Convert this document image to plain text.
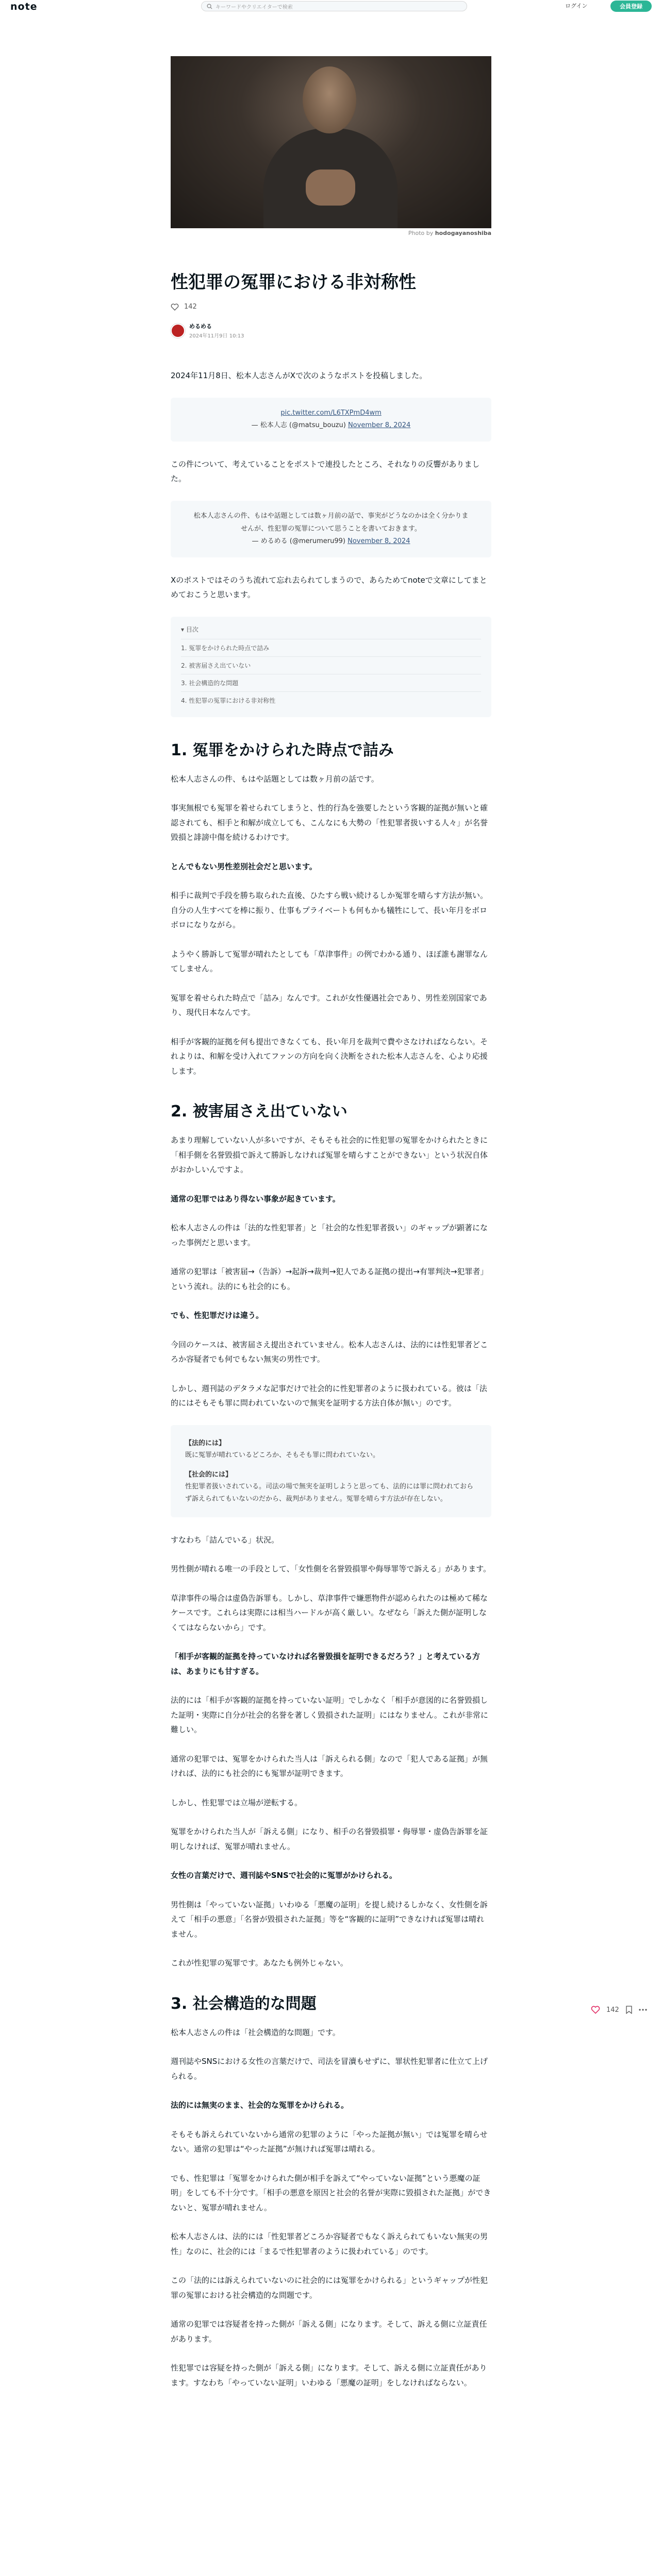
note	キーワードやクリエイターで検索	ログイン	会員登録
Photo by hodogayanoshiba
性犯罪の冤罪における非対称性
142
めるめる
2024年11月9日 10:13

2024年11月8日、松本人志さんがXで次のようなポストを投稿しました。

pic.twitter.com/L6TXPmD4wm
— 松本人志 (@matsu_bouzu) November 8, 2024

この件について、考えていることをポストで連投したところ、それなりの反響がありました。

松本人志さんの件、もはや話題としては数ヶ月前の話で、事実がどうなのかは全く分かりませんが、性犯罪の冤罪について思うことを書いておきます。
— めるめる (@merumeru99) November 8, 2024

Xのポストではそのうち流れて忘れ去られてしまうので、あらためてnoteで文章にしてまとめておこうと思います。

▾ 目次
1. 冤罪をかけられた時点で詰み
2. 被害届さえ出ていない
3. 社会構造的な問題
4. 性犯罪の冤罪における非対称性
1. 冤罪をかけられた時点で詰み

松本人志さんの件、もはや話題としては数ヶ月前の話です。

事実無根でも冤罪を着せられてしまうと、性的行為を強要したという客観的証拠が無いと確認されても、相手と和解が成立しても、こんなにも大勢の「性犯罪者扱いする人々」が名誉毀損と誹謗中傷を続けるわけです。

とんでもない男性差別社会だと思います。

相手に裁判で手段を勝ち取られた直後、ひたすら戦い続けるしか冤罪を晴らす方法が無い。自分の人生すべてを棒に振り、仕事もプライベートも何もかも犠牲にして、長い年月をボロボロになりながら。

ようやく勝訴して冤罪が晴れたとしても「草津事件」の例でわかる通り、ほぼ誰も謝罪なんてしません。

冤罪を着せられた時点で「詰み」なんです。これが女性優遇社会であり、男性差別国家であり、現代日本なんです。

相手が客観的証拠を何も提出できなくても、長い年月を裁判で費やさなければならない。それよりは、和解を受け入れてファンの方向を向く決断をされた松本人志さんを、心より応援します。

2. 被害届さえ出ていない

あまり理解していない人が多いですが、そもそも社会的に性犯罪の冤罪をかけられたときに「相手側を名誉毀損で訴えて勝訴しなければ冤罪を晴らすことができない」という状況自体がおかしいんですよ。

通常の犯罪ではあり得ない事象が起きています。

松本人志さんの件は「法的な性犯罪者」と「社会的な性犯罪者扱い」のギャップが顕著になった事例だと思います。

通常の犯罪は「被害届→（告訴）→起訴→裁判→犯人である証拠の提出→有罪判決→犯罪者」という流れ。法的にも社会的にも。

でも、性犯罪だけは違う。

今回のケースは、被害届さえ提出されていません。松本人志さんは、法的には性犯罪者どころか容疑者でも何でもない無実の男性です。

しかし、週刊誌のデタラメな記事だけで社会的に性犯罪者のように扱われている。彼は「法的にはそもそも罪に問われていないので無実を証明する方法自体が無い」のです。

【法的には】
既に冤罪が晴れているどころか、そもそも罪に問われていない。
【社会的には】
性犯罪者扱いされている。司法の場で無実を証明しようと思っても、法的には罪に問われておらず訴えられてもいないのだから、裁判がありません。冤罪を晴らす方法が存在しない。

すなわち「詰んでいる」状況。

男性側が晴れる唯一の手段として、「女性側を名誉毀損罪や侮辱罪等で訴える」があります。

草津事件の場合は虚偽告訴罪も。しかし、草津事件で嫌悪物件が認められたのは極めて稀なケースです。これらは実際には相当ハードルが高く厳しい。なぜなら「訴えた側が証明しなくてはならないから」です。

「相手が客観的証拠を持っていなければ名誉毀損を証明できるだろう？」と考えている方は、あまりにも甘すぎる。

法的には「相手が客観的証拠を持っていない証明」でしかなく「相手が意図的に名誉毀損した証明・実際に自分が社会的名誉を著しく毀損された証明」にはなりません。これが非常に難しい。

通常の犯罪では、冤罪をかけられた当人は「訴えられる側」なので「犯人である証拠」が無ければ、法的にも社会的にも冤罪が証明できます。

しかし、性犯罪では立場が逆転する。

冤罪をかけられた当人が「訴える側」になり、相手の名誉毀損罪・侮辱罪・虚偽告訴罪を証明しなければ、冤罪が晴れません。

女性の言葉だけで、週刊誌やSNSで社会的に冤罪がかけられる。

男性側は「やっていない証拠」いわゆる「悪魔の証明」を提し続けるしかなく、女性側を訴えて「相手の悪意」「名誉が毀損された証拠」等を“客観的に証明”できなければ冤罪は晴れません。

これが性犯罪の冤罪です。あなたも例外じゃない。

3. 社会構造的な問題

松本人志さんの件は「社会構造的な問題」です。

週刊誌やSNSにおける女性の言葉だけで、司法を冒瀆もせずに、罪状性犯罪者に仕立て上げられる。

法的には無実のまま、社会的な冤罪をかけられる。

そもそも訴えられていないから通常の犯罪のように「やった証拠が無い」では冤罪を晴らせない。通常の犯罪は“やった証拠”が無ければ冤罪は晴れる。

でも、性犯罪は「冤罪をかけられた側が相手を訴えて“やっていない証拠”という悪魔の証明」をしても不十分です。「相手の悪意を原因と社会的名誉が実際に毀損された証拠」ができないと、冤罪が晴れません。

松本人志さんは、法的には「性犯罪者どころか容疑者でもなく訴えられてもいない無実の男性」なのに、社会的には「まるで性犯罪者のように扱われている」のです。

この「法的には訴えられていないのに社会的には冤罪をかけられる」というギャップが性犯罪の冤罪における社会構造的な問題です。

通常の犯罪では容疑者を持った側が「訴える側」になります。そして、訴える側に立証責任があります。

性犯罪では容疑を持った側が「訴える側」になります。そして、訴える側に立証責任があります。すなわち「やっていない証明」いわゆる「悪魔の証明」をしなければならない。

142
